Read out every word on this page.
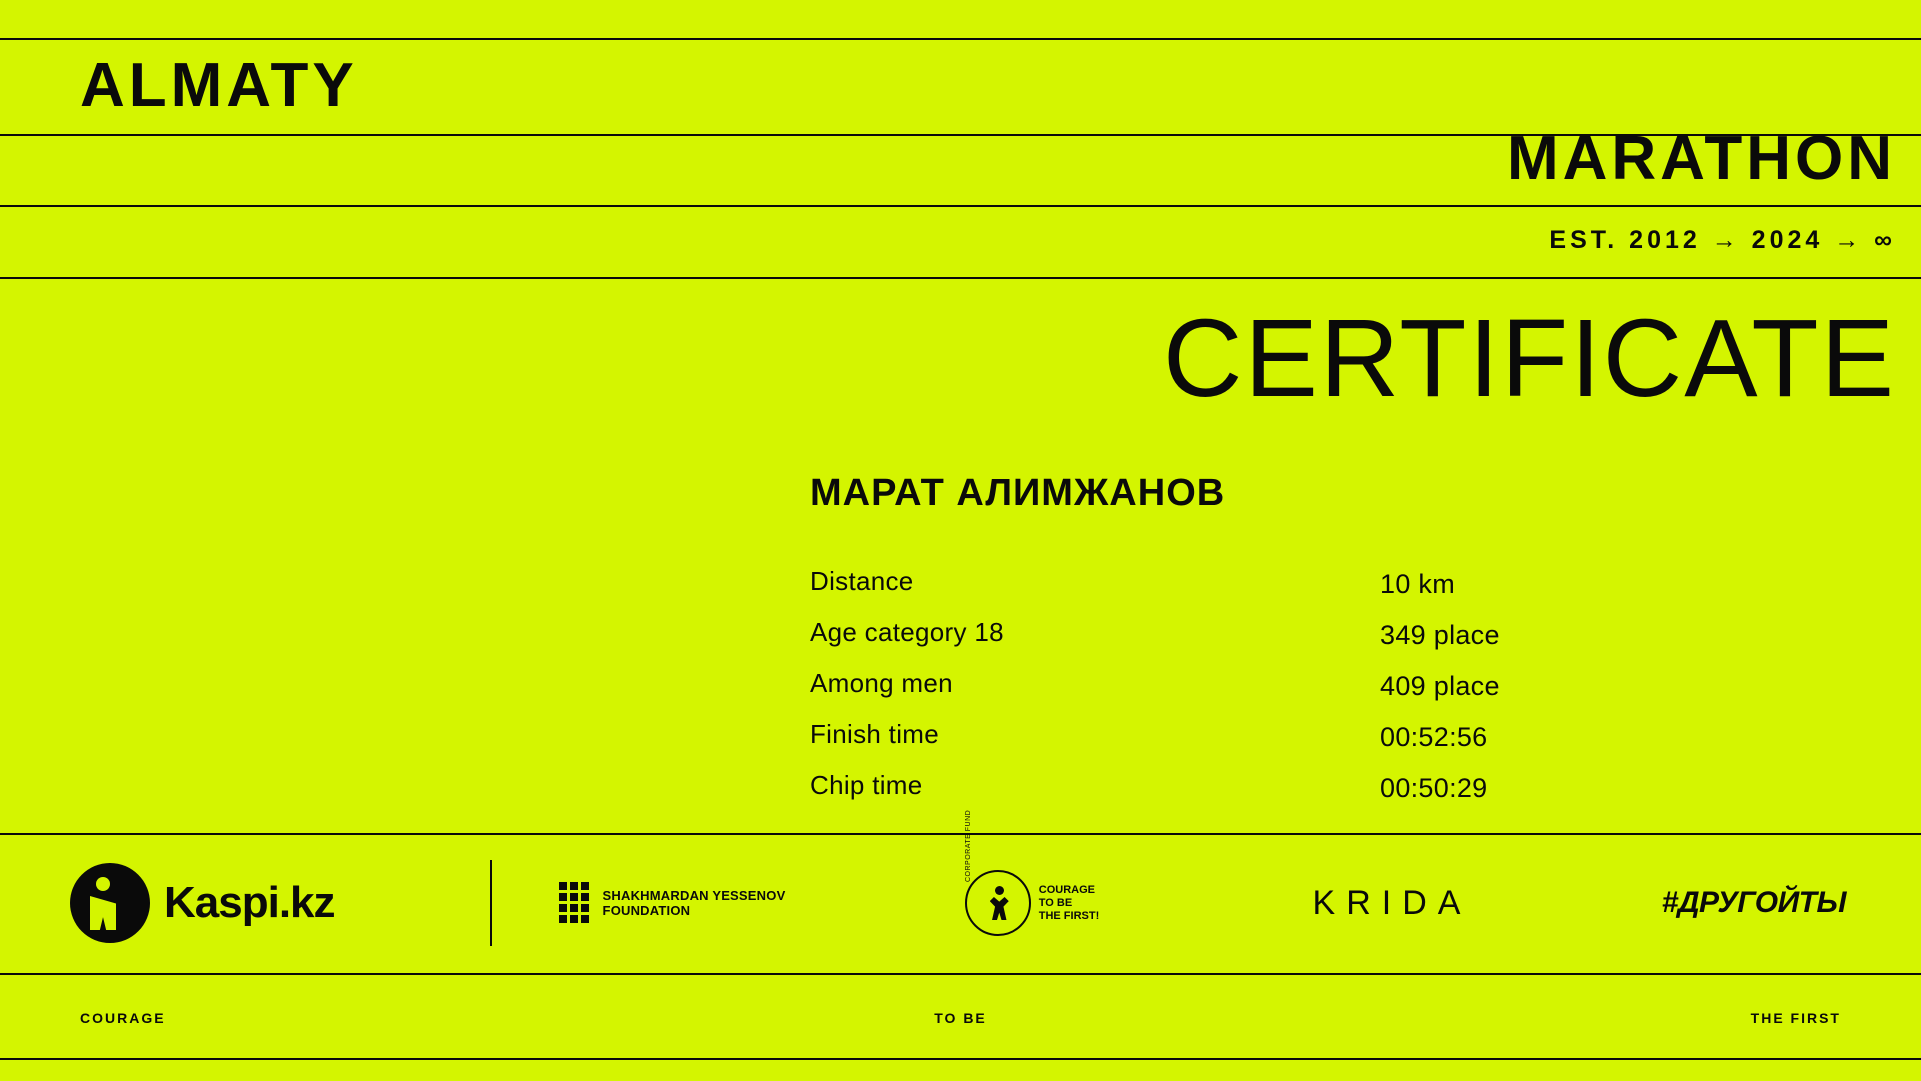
ALMATY
MARATHON
EST. 2012 → 2024 → ∞
CERTIFICATE
МАРАТ АЛИМЖАНОВ
Distance	10 km
Age category 18	349 place
Among men	409 place
Finish time	00:52:56
Chip time	00:50:29
Kaspi.kz	SHAKHMARDAN YESSENOV
FOUNDATION
CORPORATE FUND
COURAGE
TO BE
THE FIRST!	KRIDA	#ДРУГОЙТЫ
COURAGE	TO BE	THE FIRST
